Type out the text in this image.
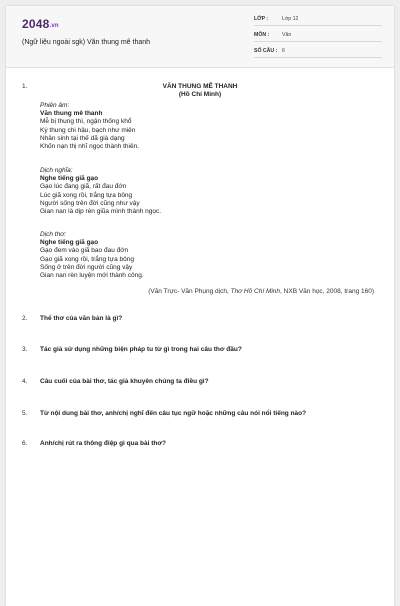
2048.vn
(Ngữ liệu ngoài sgk) Văn thung mê thanh
LỚP :	Lớp 12
MÔN : Văn
SỐ CÂU : 6
1.	VĂN THUNG MÊ THANH
(Hồ Chí Minh)
Phiên âm:
Văn thung mê thanh
Mễ bị thung thì, ngận thống khổ
Ký thung chi hậu, bạch như miên
Nhân sinh tại thế dã giá dạng
Khốn nạn thị nhĩ ngọc thành thiên.
Dịch nghĩa:
Nghe tiếng giã gạo
Gạo lúc đang giã, rất đau đớn
Lúc giã xong rồi, trắng tựa bông
Người sống trên đời cũng như vậy
Gian nan là dịp rèn giũa mình thành ngọc.
Dịch thơ:
Nghe tiếng giã gạo
Gạo đem vào giã bao đau đớn
Gạo giã xong rồi, trắng tựa bông
Sống ở trên đời người cũng vậy
Gian nan rèn luyện mới thành công.
(Văn Trực- Văn Phụng dịch, Thơ Hồ Chí Minh, NXB Văn học, 2008, trang 160)
2. Thể thơ của văn bản là gì?
3. Tác giả sử dụng những biện pháp tu từ gì trong hai câu thơ đầu?
4. Câu cuối của bài thơ, tác giả khuyên chúng ta điều gì?
5. Từ nội dung bài thơ, anh/chị nghĩ đến câu tục ngữ hoặc những câu nói nổi tiếng nào?
6. Anh/chị rút ra thông điệp gì qua bài thơ?
